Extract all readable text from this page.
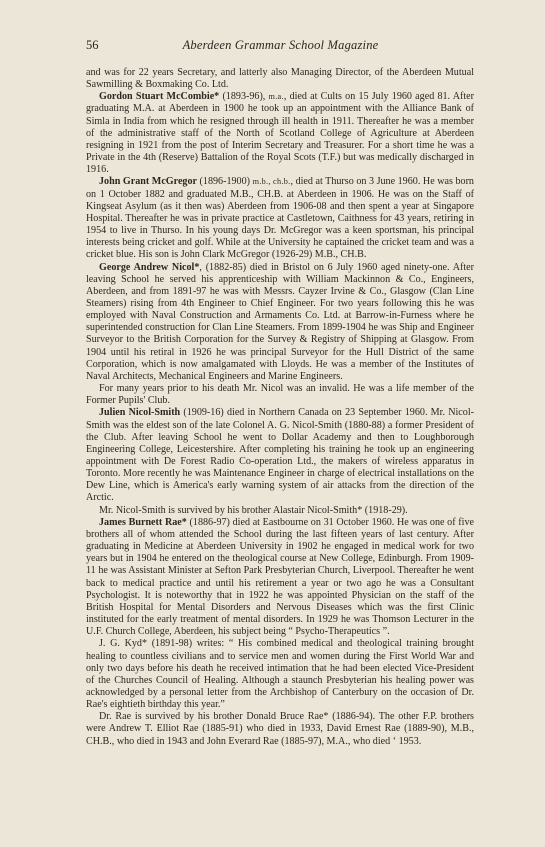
56	Aberdeen Grammar School Magazine

and was for 22 years Secretary, and latterly also Managing Director, of the Aberdeen Mutual Sawmilling & Boxmaking Co. Ltd.

Gordon Stuart McCombie* (1893-96), m.a., died at Cults on 15 July 1960 aged 81. After graduating M.A. at Aberdeen in 1900 he took up an appointment with the Alliance Bank of Simla in India from which he resigned through ill health in 1911. Thereafter he was a member of the administrative staff of the North of Scotland College of Agriculture at Aberdeen resigning in 1921 from the post of Interim Secretary and Treasurer. For a short time he was a Private in the 4th (Reserve) Battalion of the Royal Scots (T.F.) but was medically discharged in 1916.

John Grant McGregor (1896-1900) m.b., ch.b., died at Thurso on 3 June 1960. He was born on 1 October 1882 and graduated M.B., CH.B. at Aberdeen in 1906. He was on the Staff of Kingseat Asylum (as it then was) Aberdeen from 1906-08 and then spent a year at Singapore Hospital. Thereafter he was in private practice at Castletown, Caithness for 43 years, retiring in 1954 to live in Thurso. In his young days Dr. McGregor was a keen sportsman, his principal interests being cricket and golf. While at the University he captained the cricket team and was a cricket blue. His son is John Clark McGregor (1926-29) M.B., CH.B.

George Andrew Nicol*, (1882-85) died in Bristol on 6 July 1960 aged ninety-one. After leaving School he served his apprenticeship with William Mackinnon & Co., Engineers, Aberdeen, and from 1891-97 he was with Messrs. Cayzer Irvine & Co., Glasgow (Clan Line Steamers) rising from 4th Engineer to Chief Engineer. For two years following this he was employed with Naval Construction and Armaments Co. Ltd. at Barrow-in-Furness where he superintended construction for Clan Line Steamers. From 1899-1904 he was Ship and Engineer Surveyor to the British Corporation for the Survey & Registry of Shipping at Glasgow. From 1904 until his retiral in 1926 he was principal Surveyor for the Hull District of the same Corporation, which is now amalgamated with Lloyds. He was a member of the Institutes of Naval Architects, Mechanical Engineers and Marine Engineers.

For many years prior to his death Mr. Nicol was an invalid. He was a life member of the Former Pupils' Club.

Julien Nicol-Smith (1909-16) died in Northern Canada on 23 September 1960. Mr. Nicol-Smith was the eldest son of the late Colonel A. G. Nicol-Smith (1880-88) a former President of the Club. After leaving School he went to Dollar Academy and then to Loughborough Engineering College, Leicestershire. After completing his training he took up an engineering appointment with De Forest Radio Co-operation Ltd., the makers of wireless apparatus in Toronto. More recently he was Maintenance Engineer in charge of electrical installations on the Dew Line, which is America's early warning system of air attacks from the direction of the Arctic.

Mr. Nicol-Smith is survived by his brother Alastair Nicol-Smith* (1918-29).

James Burnett Rae* (1886-97) died at Eastbourne on 31 October 1960. He was one of five brothers all of whom attended the School during the last fifteen years of last century. After graduating in Medicine at Aberdeen University in 1902 he engaged in medical work for two years but in 1904 he entered on the theological course at New College, Edinburgh. From 1909-11 he was Assistant Minister at Sefton Park Presbyterian Church, Liverpool. Thereafter he went back to medical practice and until his retirement a year or two ago he was a Consultant Psychologist. It is noteworthy that in 1922 he was appointed Physician on the staff of the British Hospital for Mental Disorders and Nervous Diseases which was the first Clinic instituted for the early treatment of mental disorders. In 1929 he was Thomson Lecturer in the U.F. Church College, Aberdeen, his subject being “ Psycho-Therapeutics ”.

J. G. Kyd* (1891-98) writes: “ His combined medical and theological training brought healing to countless civilians and to service men and women during the First World War and only two days before his death he received intimation that he had been elected Vice-President of the Churches Council of Healing. Although a staunch Presbyterian his healing power was acknowledged by a personal letter from the Archbishop of Canterbury on the occasion of Dr. Rae's eightieth birthday this year.”

Dr. Rae is survived by his brother Donald Bruce Rae* (1886-94). The other F.P. brothers were Andrew T. Elliot Rae (1885-91) who died in 1933, David Ernest Rae (1889-90), M.B., CH.B., who died in 1943 and John Everard Rae (1885-97), M.A., who died ‘ 1953.
